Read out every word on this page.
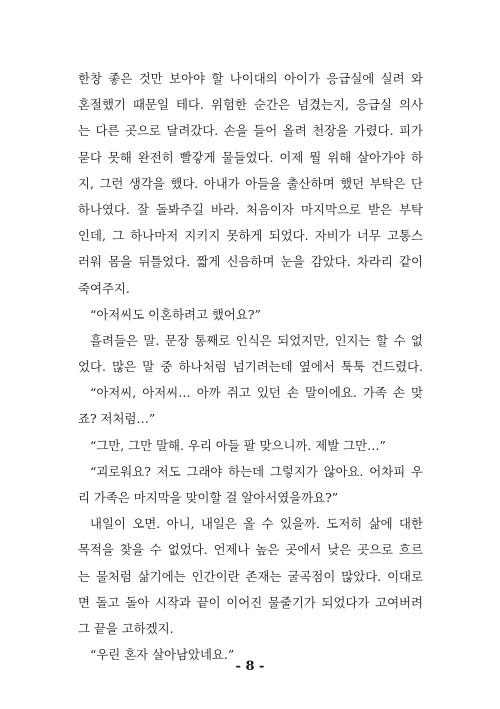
한창 좋은 것만 보아야 할 나이대의 아이가 응급실에 실려 와
혼절했기 때문일 테다. 위험한 순간은 넘겼는지, 응급실 의사
는 다른 곳으로 달려갔다. 손을 들어 올려 천장을 가렸다. 피가
묻다 못해 완전히 빨갛게 물들었다. 이제 뭘 위해 살아가야 하
지, 그런 생각을 했다. 아내가 아들을 출산하며 했던 부탁은 단
하나였다. 잘 돌봐주길 바라. 처음이자 마지막으로 받은 부탁
인데, 그 하나마저 지키지 못하게 되었다. 자비가 너무 고통스
러워 몸을 뒤틀었다. 짧게 신음하며 눈을 감았다. 차라리 같이
죽여주지.
“아저씨도 이혼하려고 했어요?”
흘려들은 말. 문장 통째로 인식은 되었지만, 인지는 할 수 없
었다. 많은 말 중 하나처럼 넘기려는데 옆에서 툭툭 건드렸다.
“아저씨, 아저씨… 아까 쥐고 있던 손 말이에요. 가족 손 맞
죠? 저처럼…”
“그만, 그만 말해. 우리 아들 팔 맞으니까. 제발 그만…”
“괴로워요? 저도 그래야 하는데 그렇지가 않아요. 어차피 우
리 가족은 마지막을 맞이할 걸 알아서였을까요?”
내일이 오면. 아니, 내일은 올 수 있을까. 도저히 삶에 대한
목적을 찾을 수 없었다. 언제나 높은 곳에서 낮은 곳으로 흐르
는 물처럼 삶기에는 인간이란 존재는 굴곡점이 많았다. 이대로
면 돌고 돌아 시작과 끝이 이어진 물줄기가 되었다가 고여버려
그 끝을 고하겠지.
“우린 혼자 살아남았네요.”
- 8 -
